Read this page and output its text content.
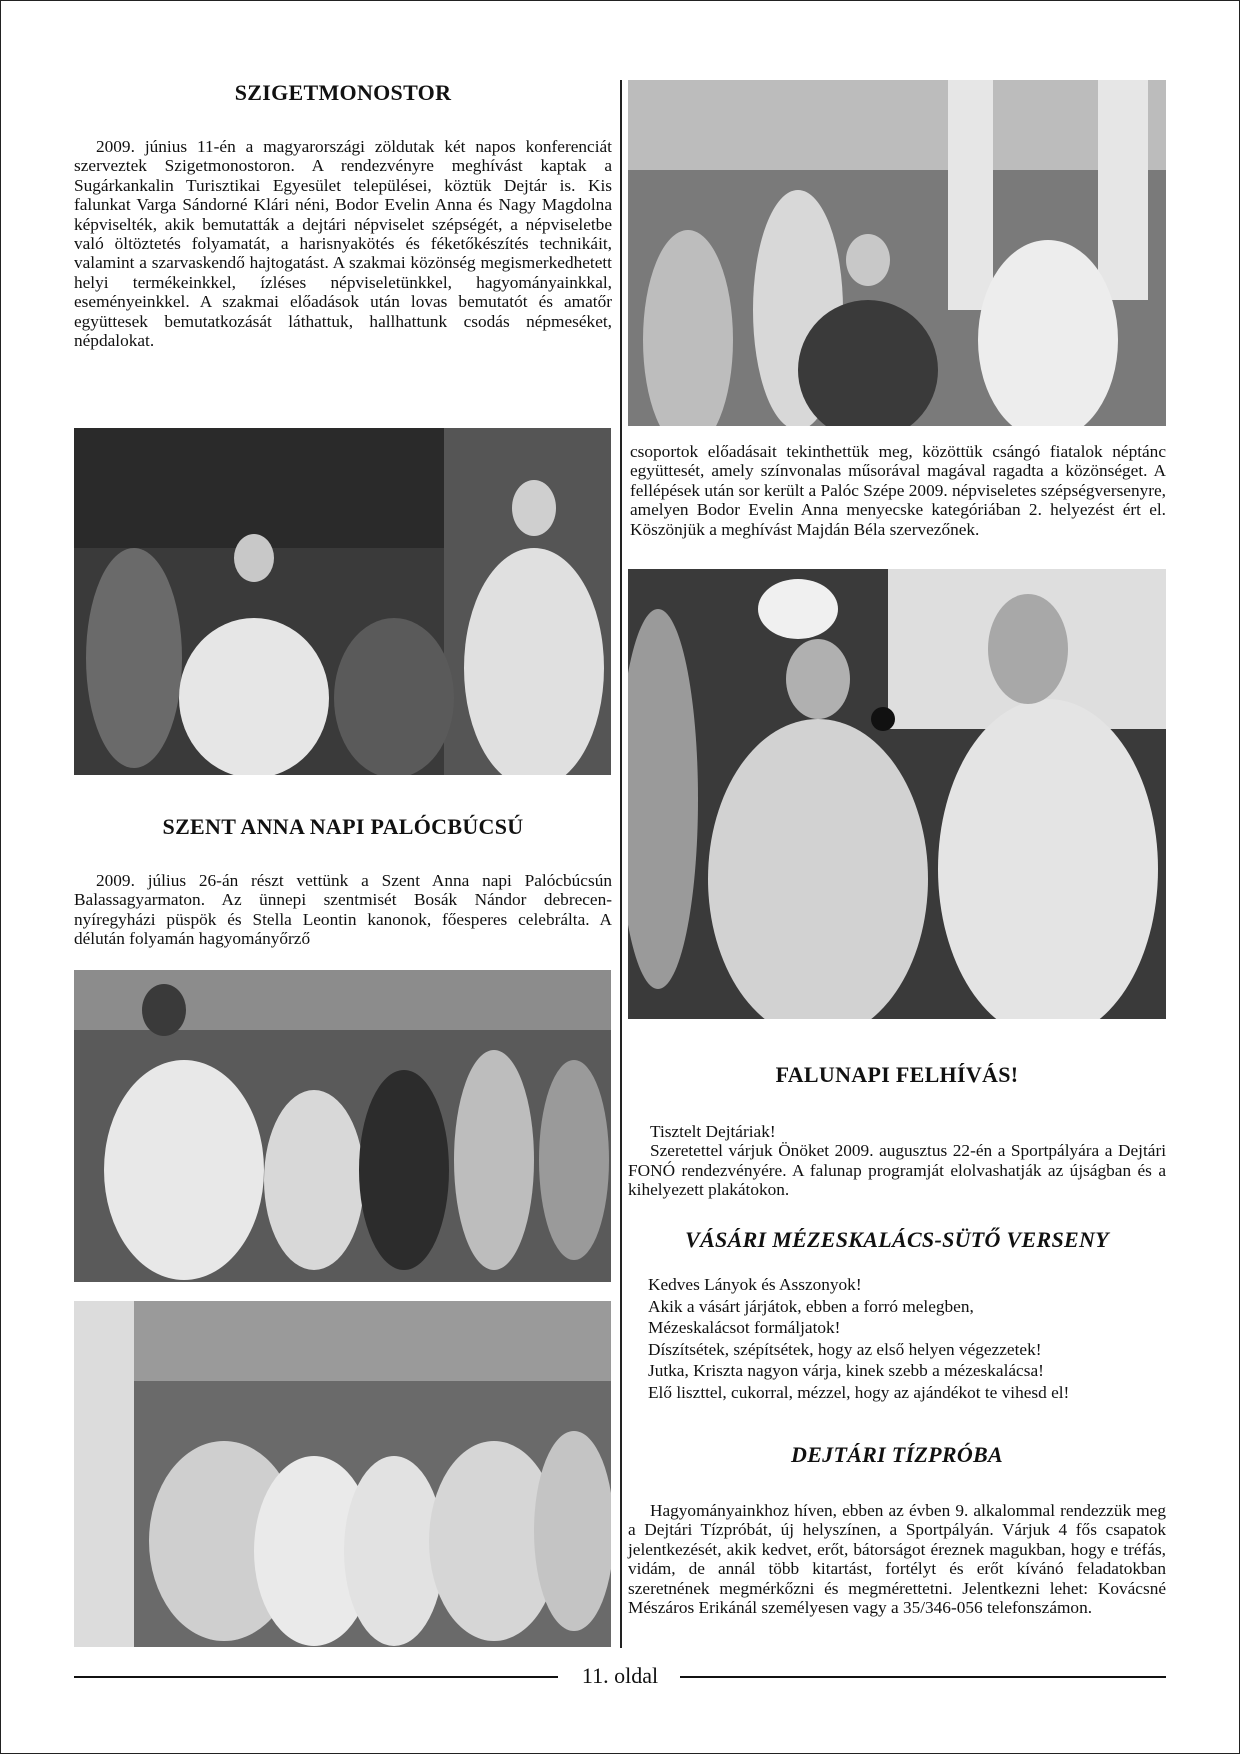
SZIGETMONOSTOR

2009. június 11-én a magyarországi zöldutak két napos konferenciát szerveztek Szigetmonostoron. A rendezvényre meghívást kaptak a Sugárkankalin Turisztikai Egyesület települései, köztük Dejtár is. Kis falunkat Varga Sándorné Klári néni, Bodor Evelin Anna és Nagy Magdolna képviselték, akik bemutatták a dejtári népviselet szépségét, a népviseletbe való öltöztetés folyamatát, a harisnyakötés és féketőkészítés technikáit, valamint a szarvaskendő hajtogatást. A szakmai közönség megismerkedhetett helyi termékeinkkel, ízléses népviseletünkkel, hagyományainkkal, eseményeinkkel. A szakmai előadások után lovas bemutatót és amatőr együttesek bemutatkozását láthattuk, hallhattunk csodás népmeséket, népdalokat.

SZENT ANNA NAPI PALÓCBÚCSÚ

2009. július 26-án részt vettünk a Szent Anna napi Palócbúcsún Balassagyarmaton. Az ünnepi szentmisét Bosák Nándor debrecen-nyíregyházi püspök és Stella Leontin kanonok, főesperes celebrálta. A délután folyamán hagyományőrző

csoportok előadásait tekinthettük meg, közöttük csángó fiatalok néptánc együttesét, amely színvonalas műsorával magával ragadta a közönséget. A fellépések után sor került a Palóc Szépe 2009. népviseletes szépségversenyre, amelyen Bodor Evelin Anna menyecske kategóriában 2. helyezést ért el. Köszönjük a meghívást Majdán Béla szervezőnek.

FALUNAPI FELHÍVÁS!

Tisztelt Dejtáriak!

Szeretettel várjuk Önöket 2009. augusztus 22-én a Sportpályára a Dejtári FONÓ rendezvényére. A falunap programját elolvashatják az újságban és a kihelyezett plakátokon.

VÁSÁRI MÉZESKALÁCS-SÜTŐ VERSENY

Kedves Lányok és Asszonyok!

Akik a vásárt járjátok, ebben a forró melegben,

Mézeskalácsot formáljatok!

Díszítsétek, szépítsétek, hogy az első helyen végezzetek!

Jutka, Kriszta nagyon várja, kinek szebb a mézeskalácsa!

Elő liszttel, cukorral, mézzel, hogy az ajándékot te vihesd el!

DEJTÁRI TÍZPRÓBA

Hagyományainkhoz híven, ebben az évben 9. alkalommal rendezzük meg a Dejtári Tízpróbát, új helyszínen, a Sportpályán. Várjuk 4 fős csapatok jelentkezését, akik kedvet, erőt, bátorságot éreznek magukban, hogy e tréfás, vidám, de annál több kitartást, fortélyt és erőt kívánó feladatokban szeretnének megmérkőzni és megmérettetni. Jelentkezni lehet: Kovácsné Mészáros Erikánál személyesen vagy a 35/346-056 telefonszámon.

11. oldal
